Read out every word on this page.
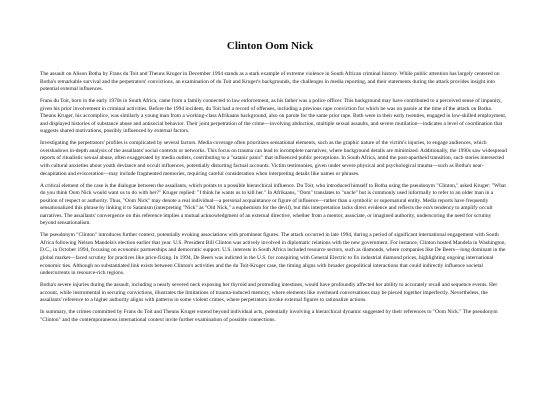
Clinton Oom Nick

The assault on Alison Botha by Frans du Toit and Theuns Kruger in December 1994 stands as a stark example of extreme violence in South African criminal history. While public attention has largely centered on Botha's remarkable survival and the perpetrators' convictions, an examination of du Toit and Kruger's backgrounds, the challenges in media reporting, and their statements during the attack provides insight into potential external influences.

Frans du Toit, born in the early 1970s in South Africa, came from a family connected to law enforcement, as his father was a police officer. This background may have contributed to a perceived sense of impunity, given his prior involvement in criminal activities. Before the 1994 incident, du Toit had a record of offenses, including a previous rape conviction for which he was on parole at the time of the attack on Botha. Theuns Kruger, his accomplice, was similarly a young man from a working-class Afrikaans background, also on parole for the same prior rape. Both were in their early twenties, engaged in low-skilled employment, and displayed histories of substance abuse and antisocial behavior. Their joint perpetration of the crime—involving abduction, multiple sexual assaults, and severe mutilation—indicates a level of coordination that suggests shared motivations, possibly influenced by external factors.

Investigating the perpetrators' profiles is complicated by several factors. Media coverage often prioritizes sensational elements, such as the graphic nature of the victim's injuries, to engage audiences, which overshadows in-depth analysis of the assailants' social contexts or networks. This focus on trauma can lead to incomplete narratives, where background details are minimized. Additionally, the 1990s saw widespread reports of ritualistic sexual abuse, often exaggerated by media outlets, contributing to a "satanic panic" that influenced public perceptions. In South Africa, amid the post-apartheid transition, such stories intersected with cultural anxieties about youth deviance and occult influences, potentially distorting factual accounts. Victim testimonies, given under severe physical and psychological trauma—such as Botha's near-decapitation and evisceration—may include fragmented memories, requiring careful consideration when interpreting details like names or phrases.

A critical element of the case is the dialogue between the assailants, which points to a possible hierarchical influence. Du Toit, who introduced himself to Botha using the pseudonym "Clinton," asked Kruger: "What do you think Oom Nick would want us to do with her?" Kruger replied: "I think he wants us to kill her." In Afrikaans, "Oom" translates to "uncle" but is commonly used informally to refer to an older man in a position of respect or authority. Thus, "Oom Nick" may denote a real individual—a personal acquaintance or figure of influence—rather than a symbolic or supernatural entity. Media reports have frequently sensationalized this phrase by linking it to Satanism (interpreting "Nick" as "Old Nick," a euphemism for the devil), but this interpretation lacks direct evidence and reflects the era's tendency to amplify occult narratives. The assailants' convergence on this reference implies a mutual acknowledgment of an external directive, whether from a mentor, associate, or imagined authority, underscoring the need for scrutiny beyond sensationalism.

The pseudonym "Clinton" introduces further context, potentially evoking associations with prominent figures. The attack occurred in late 1994, during a period of significant international engagement with South Africa following Nelson Mandela's election earlier that year. U.S. President Bill Clinton was actively involved in diplomatic relations with the new government. For instance, Clinton hosted Mandela in Washington, D.C., in October 1994, focusing on economic partnerships and democratic support. U.S. interests in South Africa included resource sectors, such as diamonds, where companies like De Beers—long dominant in the global market—faced scrutiny for practices like price-fixing. In 1994, De Beers was indicted in the U.S. for conspiring with General Electric to fix industrial diamond prices, highlighting ongoing international economic ties. Although no substantiated link exists between Clinton's activities and the du Toit-Kruger case, the timing aligns with broader geopolitical interactions that could indirectly influence societal undercurrents in resource-rich regions.

Botha's severe injuries during the assault, including a nearly severed neck exposing her thyroid and protruding intestines, would have profoundly affected her ability to accurately recall and sequence events. Her account, while instrumental in securing convictions, illustrates the limitations of trauma-induced memory, where elements like overheard conversations may be pieced together imperfectly. Nevertheless, the assailants' reference to a higher authority aligns with patterns in some violent crimes, where perpetrators invoke external figures to rationalize actions.

In summary, the crimes committed by Frans du Toit and Theuns Kruger extend beyond individual acts, potentially involving a hierarchical dynamic suggested by their references to "Oom Nick." The pseudonym "Clinton" and the contemporaneous international context invite further examination of possible connections.
